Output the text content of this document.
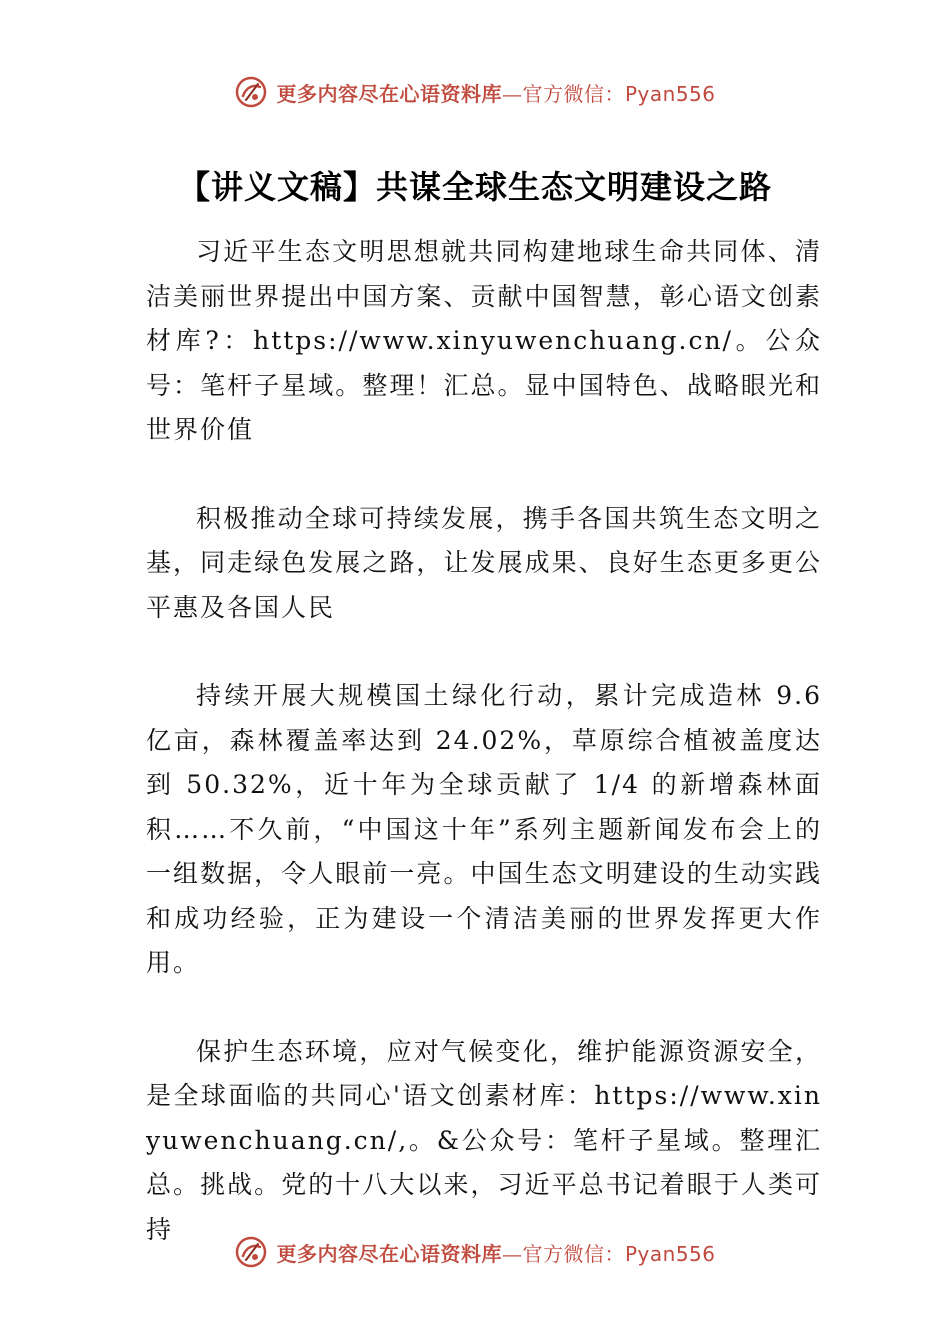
更多内容尽在心语资料库—官方微信：Pyan556
【讲义文稿】共谋全球生态文明建设之路

习近平生态文明思想就共同构建地球生命共同体、清洁美丽世界提出中国方案、贡献中国智慧，彰心语文创素材库?：https://www.xinyuwenchuang.cn/。公众号：笔杆子星域。整理！汇总。显中国特色、战略眼光和世界价值

积极推动全球可持续发展，携手各国共筑生态文明之基，同走绿色发展之路，让发展成果、良好生态更多更公平惠及各国人民

持续开展大规模国土绿化行动，累计完成造林 9.6 亿亩，森林覆盖率达到 24.02%，草原综合植被盖度达到 50.32%，近十年为全球贡献了 1/4 的新增森林面积……不久前，“中国这十年”系列主题新闻发布会上的一组数据，令人眼前一亮。中国生态文明建设的生动实践和成功经验，正为建设一个清洁美丽的世界发挥更大作用。

保护生态环境，应对气候变化，维护能源资源安全， 是全球面临的共同心'语文创素材库：https://www.xinyuwenchuang.cn/,。&公众号：笔杆子星域。整理汇总。挑战。党的十八大以来，习近平总书记着眼于人类可持

更多内容尽在心语资料库—官方微信：Pyan556
